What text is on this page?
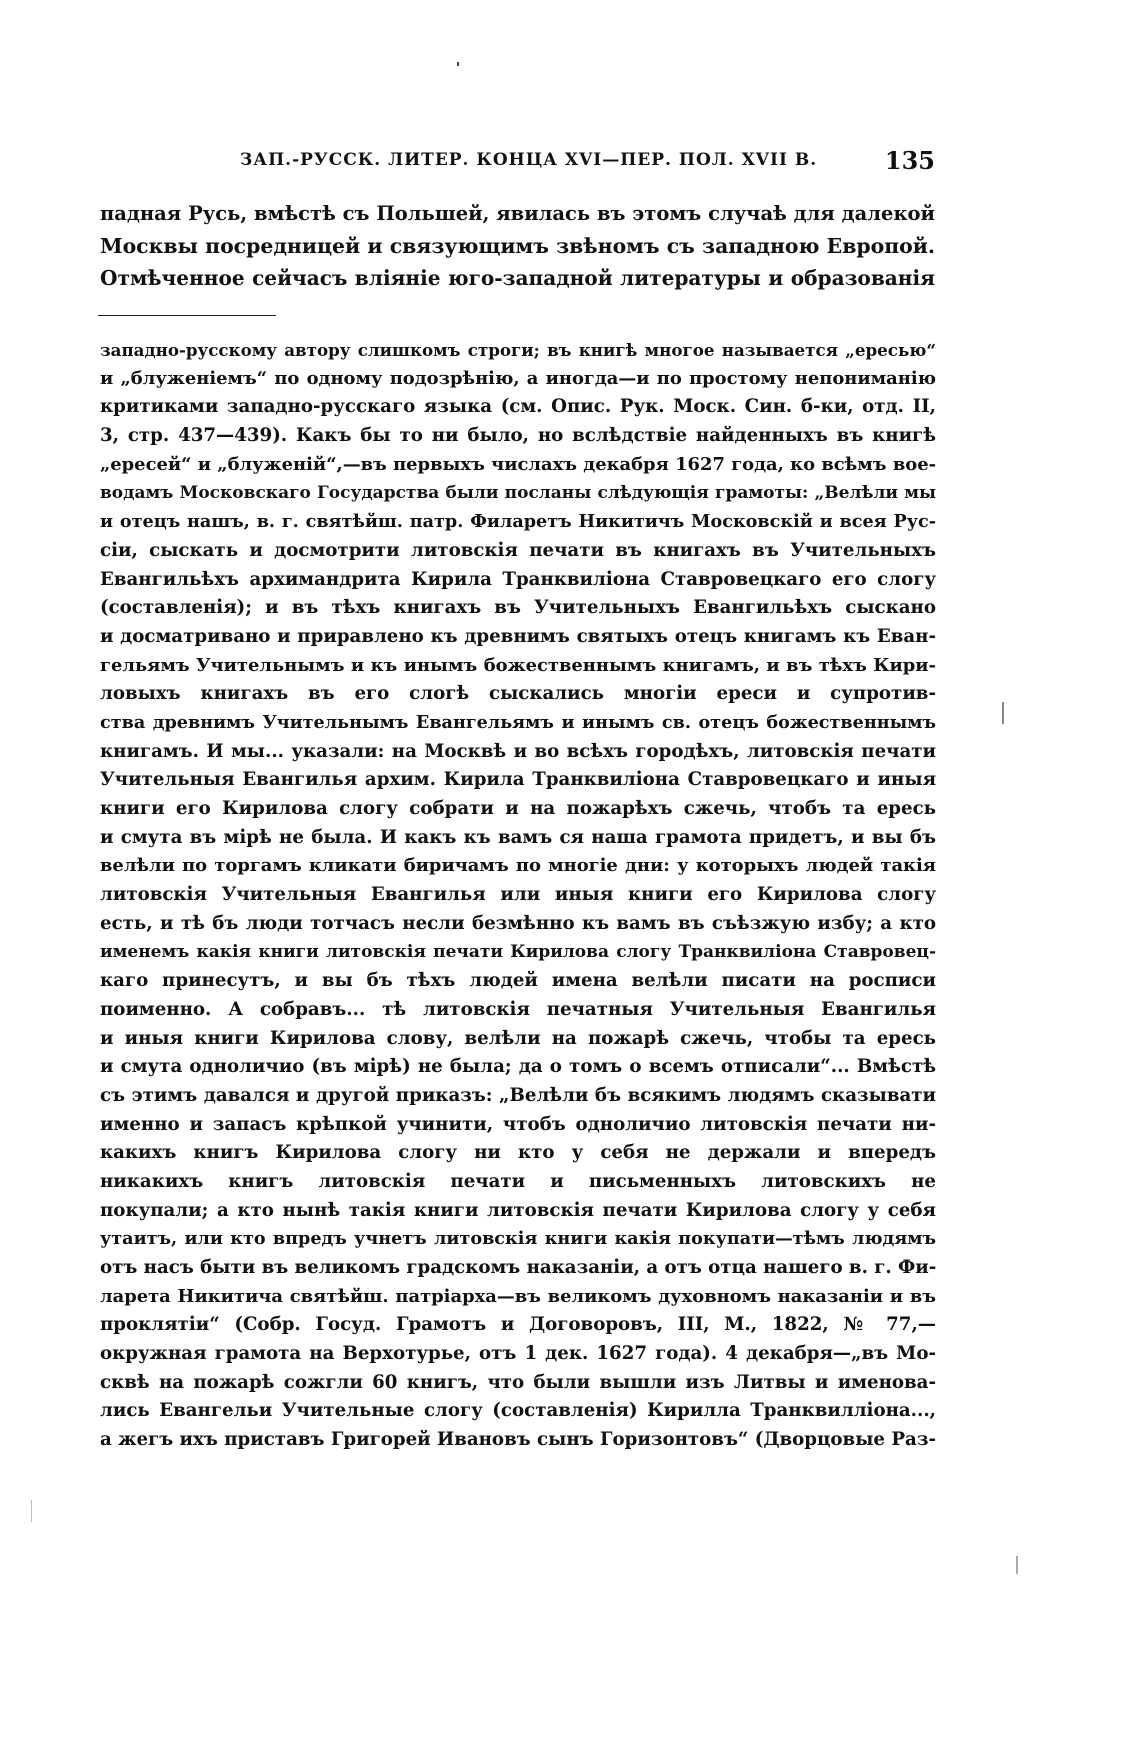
ЗАП.-РУССК. ЛИТЕР. КОНЦА XVI—ПЕР. ПОЛ. XVII В.	135
падная Русь, вмѣстѣ съ Польшей, явилась въ этомъ случаѣ для далекой
Москвы посредницей и связующимъ звѣномъ съ западною Европой.
Отмѣченное сейчасъ вліяніе юго-западной литературы и образованія
западно-русскому автору слишкомъ строги; въ книгѣ многое называется „ересью“
и „блуженіемъ“ по одному подозрѣнію, а иногда—и по простому непониманію
критиками западно-русскаго языка (см. Опис. Рук. Моск. Син. б-ки, отд. II,
3, стр. 437—439). Какъ бы то ни было, но вслѣдствіе найденныхъ въ книгѣ
„ересей“ и „блуженій“,—въ первыхъ числахъ декабря 1627 года, ко всѣмъ вое-
водамъ Московскаго Государства были посланы слѣдующія грамоты: „Велѣли мы
и отецъ нашъ, в. г. святѣйш. патр. Филаретъ Никитичъ Московскій и всея Рус-
сіи, сыскать и досмотрити литовскія печати въ книгахъ въ Учительныхъ
Евангильѣхъ архимандрита Кирила Транквиліона Ставровецкаго его слогу
(составленія); и въ тѣхъ книгахъ въ Учительныхъ Евангильѣхъ сыскано
и досматривано и приравлено къ древнимъ святыхъ отецъ книгамъ къ Еван-
гельямъ Учительнымъ и къ инымъ божественнымъ книгамъ, и въ тѣхъ Кири-
ловыхъ книгахъ въ его слогѣ сыскались многіи ереси и супротив-
ства древнимъ Учительнымъ Евангельямъ и инымъ св. отецъ божественнымъ
книгамъ. И мы... указали: на Москвѣ и во всѣхъ городѣхъ, литовскія печати
Учительныя Евангилья архим. Кирила Транквиліона Ставровецкаго и иныя
книги его Кирилова слогу собрати и на пожарѣхъ сжечь, чтобъ та ересь
и смута въ мірѣ не была. И какъ къ вамъ ся наша грамота придетъ, и вы бъ
велѣли по торгамъ кликати биричамъ по многіе дни: у которыхъ людей такія
литовскія Учительныя Евангилья или иныя книги его Кирилова слогу
есть, и тѣ бъ люди тотчасъ несли безмѣнно къ вамъ въ съѣзжую избу; а кто
именемъ какія книги литовскія печати Кирилова слогу Транквиліона Ставровец-
каго принесутъ, и вы бъ тѣхъ людей имена велѣли писати на росписи
поименно. А собравъ... тѣ литовскія печатныя Учительныя Евангилья
и иныя книги Кирилова слову, велѣли на пожарѣ сжечь, чтобы та ересь
и смута одноличио (въ мірѣ) не была; да о томъ о всемъ отписали“... Вмѣстѣ
съ этимъ давался и другой приказъ: „Велѣли бъ всякимъ людямъ сказывати
именно и запасъ крѣпкой учинити, чтобъ одноличио литовскія печати ни-
какихъ книгъ Кирилова слогу ни кто у себя не держали и впередъ
никакихъ книгъ литовскія печати и письменныхъ литовскихъ не
покупали; а кто нынѣ такія книги литовскія печати Кирилова слогу у себя
утаитъ, или кто впредъ учнетъ литовскія книги какія покупати—тѣмъ людямъ
отъ насъ быти въ великомъ градскомъ наказаніи, а отъ отца нашего в. г. Фи-
ларета Никитича святѣйш. патріарха—въ великомъ духовномъ наказаніи и въ
проклятіи“ (Собр. Госуд. Грамотъ и Договоровъ, III, М., 1822, № 77,—
окружная грамота на Верхотурье, отъ 1 дек. 1627 года). 4 декабря—„въ Мо-
сквѣ на пожарѣ сожгли 60 книгъ, что были вышли изъ Литвы и именова-
лись Евангельи Учительные слогу (составленія) Кирилла Транквилліона...,
а жегъ ихъ приставъ Григорей Ивановъ сынъ Горизонтовъ“ (Дворцовые Раз-
